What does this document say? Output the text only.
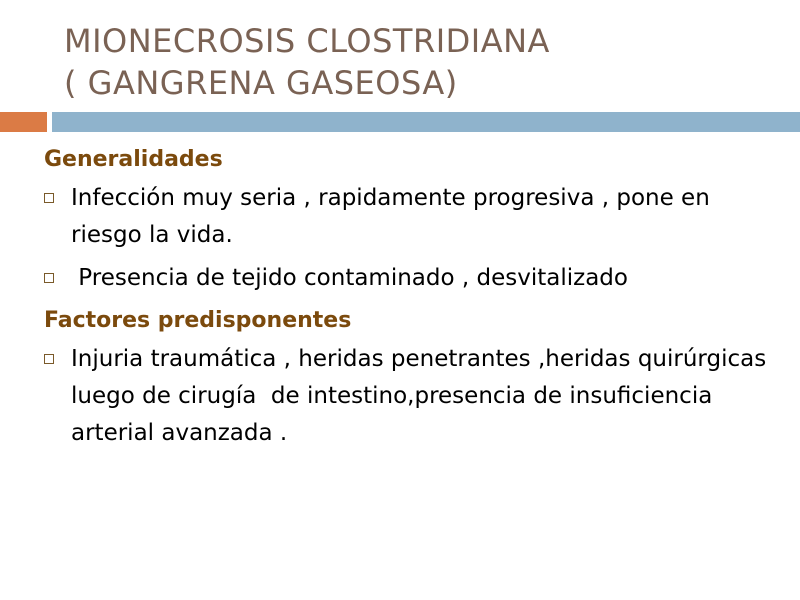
MIONECROSIS CLOSTRIDIANA
( GANGRENA GASEOSA)
Generalidades
Infección muy seria , rapidamente progresiva , pone en riesgo la vida.
Presencia de tejido contaminado , desvitalizado
Factores predisponentes
Injuria traumática , heridas penetrantes ,heridas quirúrgicas luego de cirugía  de intestino,presencia de insuficiencia arterial avanzada .
